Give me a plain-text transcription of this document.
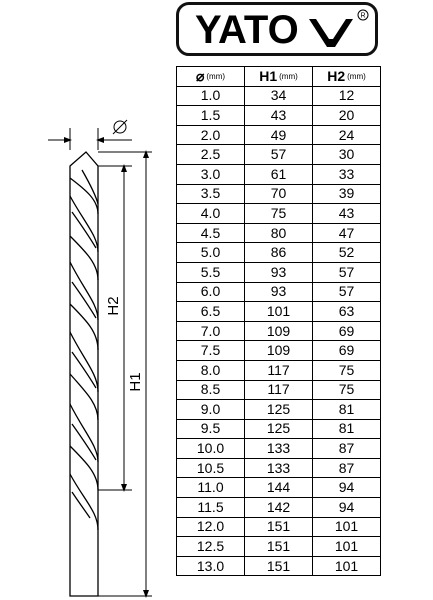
H2
H1
YATO	R
⌀ $^{(mm)}$	H1 $^{(mm)}$	H2 $^{(mm)}$
1.0	34	12
1.5	43	20
2.0	49	24
2.5	57	30
3.0	61	33
3.5	70	39
4.0	75	43
4.5	80	47
5.0	86	52
5.5	93	57
6.0	93	57
6.5	101	63
7.0	109	69
7.5	109	69
8.0	117	75
8.5	117	75
9.0	125	81
9.5	125	81
10.0	133	87
10.5	133	87
11.0	144	94
11.5	142	94
12.0	151	101
12.5	151	101
13.0	151	101
